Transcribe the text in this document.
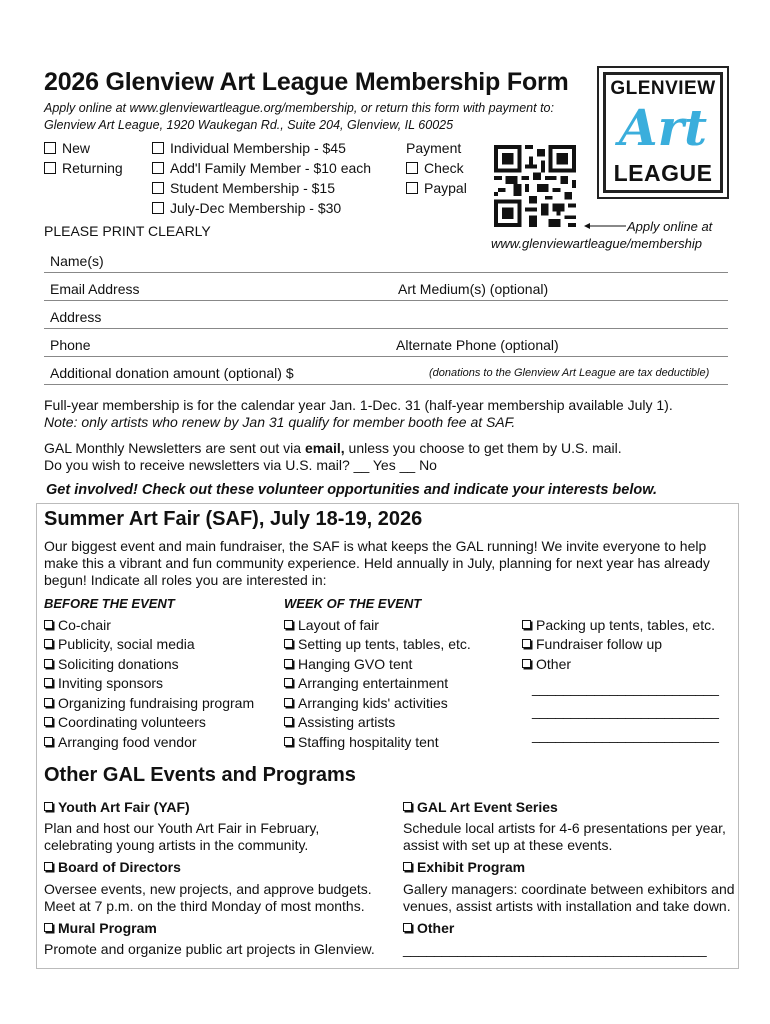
2026 Glenview Art League Membership Form
Apply online at www.glenviewartleague.org/membership, or return this form with payment to:
Glenview Art League, 1920 Waukegan Rd., Suite 204, Glenview, IL 60025
GLENVIEW
Art
LEAGUE
New
Returning
Individual Membership - $45
Add'l Family Member - $10 each
Student Membership - $15
July-Dec Membership - $30
Payment
Check
Paypal
Apply online at
www.glenviewartleague/membership
PLEASE PRINT CLEARLY
Name(s)
Email Address	Art Medium(s) (optional)
Address
Phone	Alternate Phone (optional)
Additional donation amount (optional) $	(donations to the Glenview Art League are tax deductible)
Full-year membership is for the calendar year Jan. 1-Dec. 31 (half-year membership available July 1).
Note: only artists who renew by Jan 31 qualify for member booth fee at SAF.
GAL Monthly Newsletters are sent out via email, unless you choose to get them by U.S. mail.
Do you wish to receive newsletters via U.S. mail? __ Yes __ No
Get involved! Check out these volunteer opportunities and indicate your interests below.
Summer Art Fair (SAF), July 18-19, 2026
Our biggest event and main fundraiser, the SAF is what keeps the GAL running! We invite everyone to help
make this a vibrant and fun community experience. Held annually in July, planning for next year has already
begun! Indicate all roles you are interested in:
BEFORE THE EVENT	WEEK OF THE EVENT
Co-chair
Publicity, social media
Soliciting donations
Inviting sponsors
Organizing fundraising program
Coordinating volunteers
Arranging food vendor
Layout of fair
Setting up tents, tables, etc.
Hanging GVO tent
Arranging entertainment
Arranging kids' activities
Assisting artists
Staffing hospitality tent
Packing up tents, tables, etc.
Fundraiser follow up
Other
________________________
________________________
________________________
Other GAL Events and Programs
Youth Art Fair (YAF)
Plan and host our Youth Art Fair in February,
celebrating young artists in the community.
GAL Art Event Series
Schedule local artists for 4-6 presentations per year,
assist with set up at these events.
Board of Directors
Oversee events, new projects, and approve budgets.
Meet at 7 p.m. on the third Monday of most months.
Exhibit Program
Gallery managers: coordinate between exhibitors and
venues, assist artists with installation and take down.
Mural Program
Promote and organize public art projects in Glenview.
Other
_______________________________________
